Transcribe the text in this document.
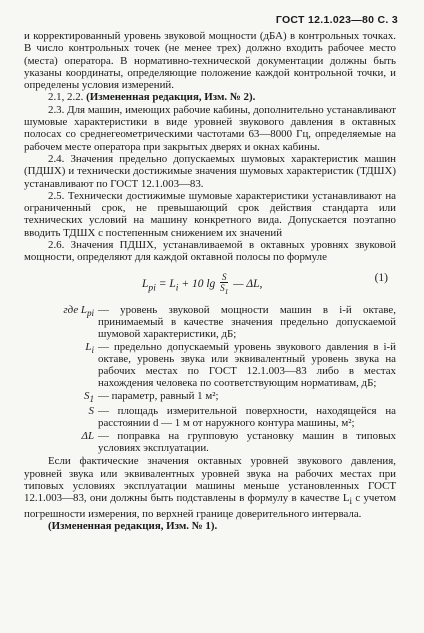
ГОСТ 12.1.023—80 С. 3

и корректированный уровень звуковой мощности (дБА) в контрольных точках. В число контрольных точек (не менее трех) должно входить рабочее место (места) оператора. В нормативно-технической документации должны быть указаны координаты, определяющие положение каждой контрольной точки, и определены условия измерений.

2.1, 2.2. (Измененная редакция, Изм. № 2).

2.3. Для машин, имеющих рабочие кабины, дополнительно устанавливают шумовые характеристики в виде уровней звукового давления в октавных полосах со среднегеометрическими частотами 63—8000 Гц, определяемые на рабочем месте оператора при закрытых дверях и окнах кабины.

2.4. Значения предельно допускаемых шумовых характеристик машин (ПДШХ) и технически достижимые значения шумовых характеристик (ТДШХ) устанавливают по ГОСТ 12.1.003—83.

2.5. Технически достижимые шумовые характеристики устанавливают на ограниченный срок, не превышающий срок действия стандарта или технических условий на машину конкретного вида. Допускается поэтапно вводить ТДШХ с постепенным снижением их значений

2.6. Значения ПДШХ, устанавливаемой в октавных уровнях звуковой мощности, определяют для каждой октавной полосы по формуле

$L_{pi} = L_i + 10$ $\lg \frac{S}{S_1}$ — ΔL,
(1)
где $L_{pi}$ — уровень звуковой мощности машин в i-й октаве, принимаемый в качестве значения предельно допускаемой шумовой характеристики, дБ;
$L_i$ — предельно допускаемый уровень звукового давления в i-й октаве, уровень звука или эквивалентный уровень звука на рабочих местах по ГОСТ 12.1.003—83 либо в местах нахождения человека по соответствующим нормативам, дБ;
$S_1$ — параметр, равный 1 м²;
S — площадь измерительной поверхности, находящейся на расстоянии d — 1 м от наружного контура машины, м²;
ΔL — поправка на групповую установку машин в типовых условиях эксплуатации.

Если фактические значения октавных уровней звукового давления, уровней звука или эквивалентных уровней звука на рабочих местах при типовых условиях эксплуатации машины меньше установленных ГОСТ 12.1.003—83, они должны быть подставлены в формулу в качестве $L_i$ с учетом погрешности измерения, по верхней границе доверительного интервала.

(Измененная редакция, Изм. № 1).
